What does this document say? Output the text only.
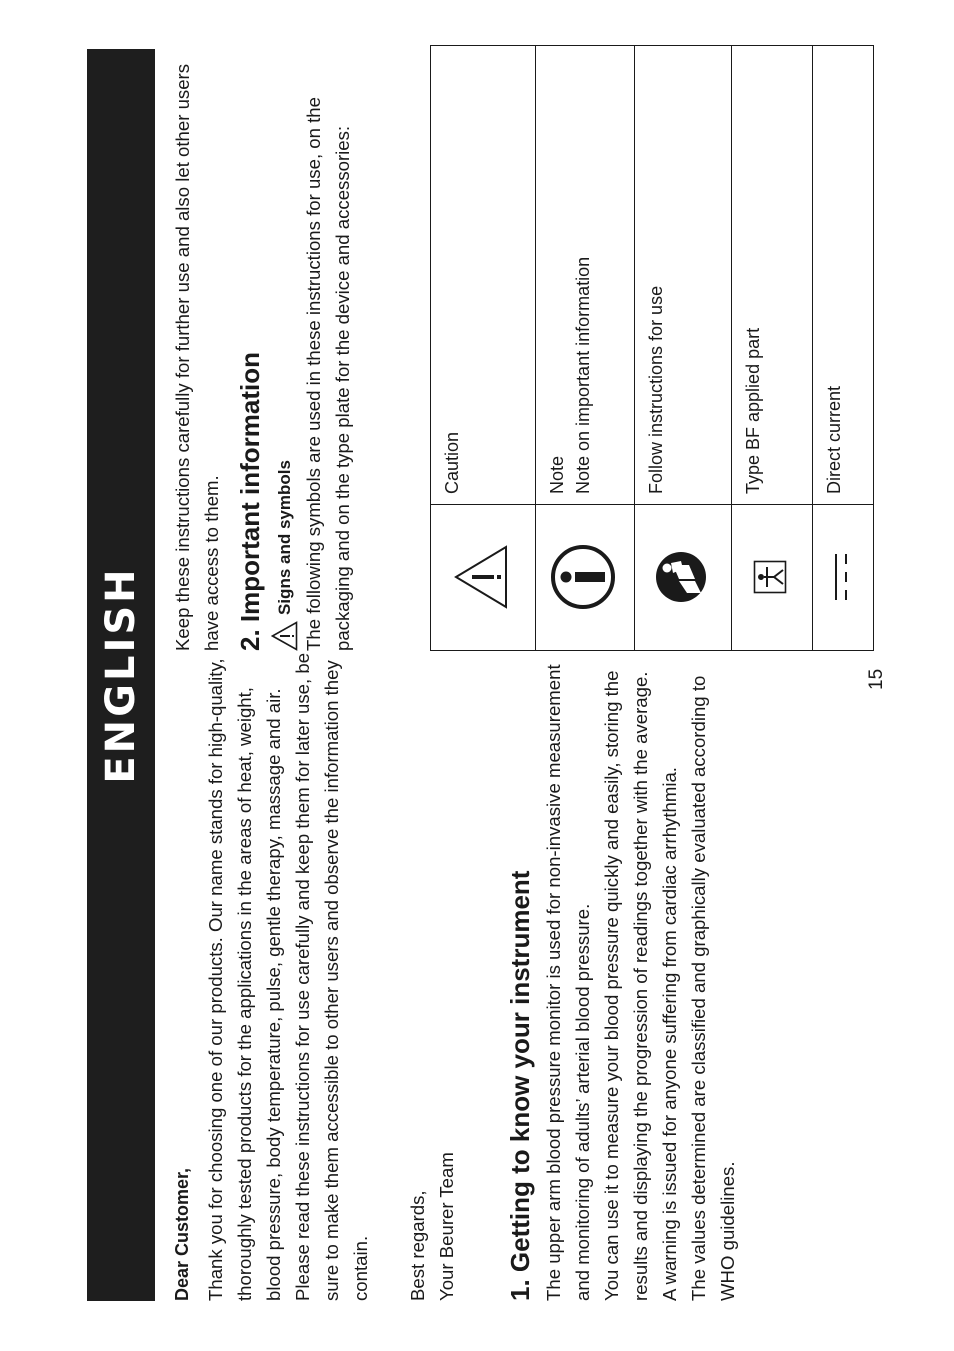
ENGLISH

Dear Customer, Thank you for choosing one of our products. Our name stands for high-quality, thoroughly tested products for the applications in the areas of heat, weight, blood pressure, body temperature, pulse, gentle therapy, massage and air. Please read these instructions for use carefully and keep them for later use, be sure to make them accessible to other users and observe the information they contain. Best regards, Your Beurer Team 1. Getting to know your instrument The upper arm blood pressure monitor is used for non-invasive measurement and monitoring of adults’ arterial blood pressure. You can use it to measure your blood pressure quickly and easily, storing the results and displaying the progression of readings together with the average. A warning is issued for anyone suffering from cardiac arrhythmia. The values determined are classified and graphically evaluated according to WHO guidelines.

Keep these instructions carefully for further use and also let other users have access to them. 2. Important information Signs and symbols The following symbols are used in these instructions for use, on the packaging and on the type plate for the device and accessories:

		Caution

Note Note on important information

Follow instructions for use

Type BF applied part

Direct current
15
